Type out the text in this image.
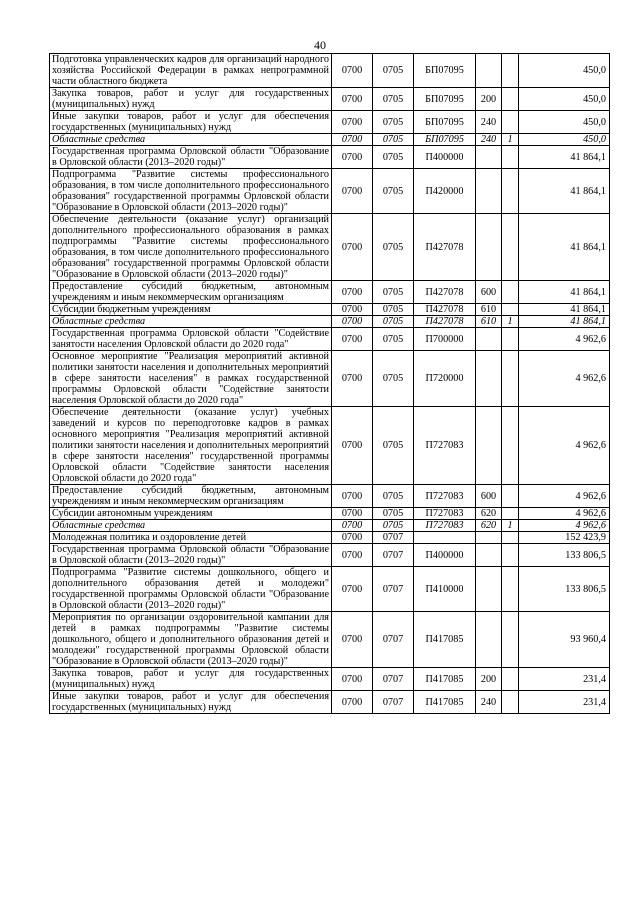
40
Подготовка управленческих кадров для организаций народного хозяйства Российской Федерации в рамках непрограммной части областного бюджета	0700	0705	БП07095			450,0
Закупка товаров, работ и услуг для государственных (муниципальных) нужд	0700	0705	БП07095	200		450,0
Иные закупки товаров, работ и услуг для обеспечения государственных (муниципальных) нужд	0700	0705	БП07095	240		450,0
Областные средства	0700	0705	БП07095	240	1	450,0
Государственная программа Орловской области "Образование в Орловской области (2013–2020 годы)"	0700	0705	П400000			41 864,1
Подпрограмма "Развитие системы профессионального образования, в том числе дополнительного профессионального образования" государственной программы Орловской области "Образование в Орловской области (2013–2020 годы)"	0700	0705	П420000			41 864,1
Обеспечение деятельности (оказание услуг) организаций дополнительного профессионального образования в рамках подпрограммы "Развитие системы профессионального образования, в том числе дополнительного профессионального образования" государственной программы Орловской области "Образование в Орловской области (2013–2020 годы)"	0700	0705	П427078			41 864,1
Предоставление субсидий бюджетным, автономным учреждениям и иным некоммерческим организациям	0700	0705	П427078	600		41 864,1
Субсидии бюджетным учреждениям	0700	0705	П427078	610		41 864,1
Областные средства	0700	0705	П427078	610	1	41 864,1
Государственная программа Орловской области "Содействие занятости населения Орловской области до 2020 года"	0700	0705	П700000			4 962,6
Основное мероприятие "Реализация мероприятий активной политики занятости населения и дополнительных мероприятий в сфере занятости населения" в рамках государственной программы Орловской области "Содействие занятости населения Орловской области до 2020 года"	0700	0705	П720000			4 962,6
Обеспечение деятельности (оказание услуг) учебных заведений и курсов по переподготовке кадров в рамках основного мероприятия "Реализация мероприятий активной политики занятости населения и дополнительных мероприятий в сфере занятости населения" государственной программы Орловской области "Содействие занятости населения Орловской области до 2020 года"	0700	0705	П727083			4 962,6
Предоставление субсидий бюджетным, автономным учреждениям и иным некоммерческим организациям	0700	0705	П727083	600		4 962,6
Субсидии автономным учреждениям	0700	0705	П727083	620		4 962,6
Областные средства	0700	0705	П727083	620	1	4 962,6
Молодежная политика и оздоровление детей	0700	0707				152 423,9
Государственная программа Орловской области "Образование в Орловской области (2013–2020 годы)"	0700	0707	П400000			133 806,5
Подпрограмма "Развитие системы дошкольного, общего и дополнительного образования детей и молодежи" государственной программы Орловской области "Образование в Орловской области (2013–2020 годы)"	0700	0707	П410000			133 806,5
Мероприятия по организации оздоровительной кампании для детей в рамках подпрограммы "Развитие системы дошкольного, общего и дополнительного образования детей и молодежи" государственной программы Орловской области "Образование в Орловской области (2013–2020 годы)"	0700	0707	П417085			93 960,4
Закупка товаров, работ и услуг для государственных (муниципальных) нужд	0700	0707	П417085	200		231,4
Иные закупки товаров, работ и услуг для обеспечения государственных (муниципальных) нужд	0700	0707	П417085	240		231,4
